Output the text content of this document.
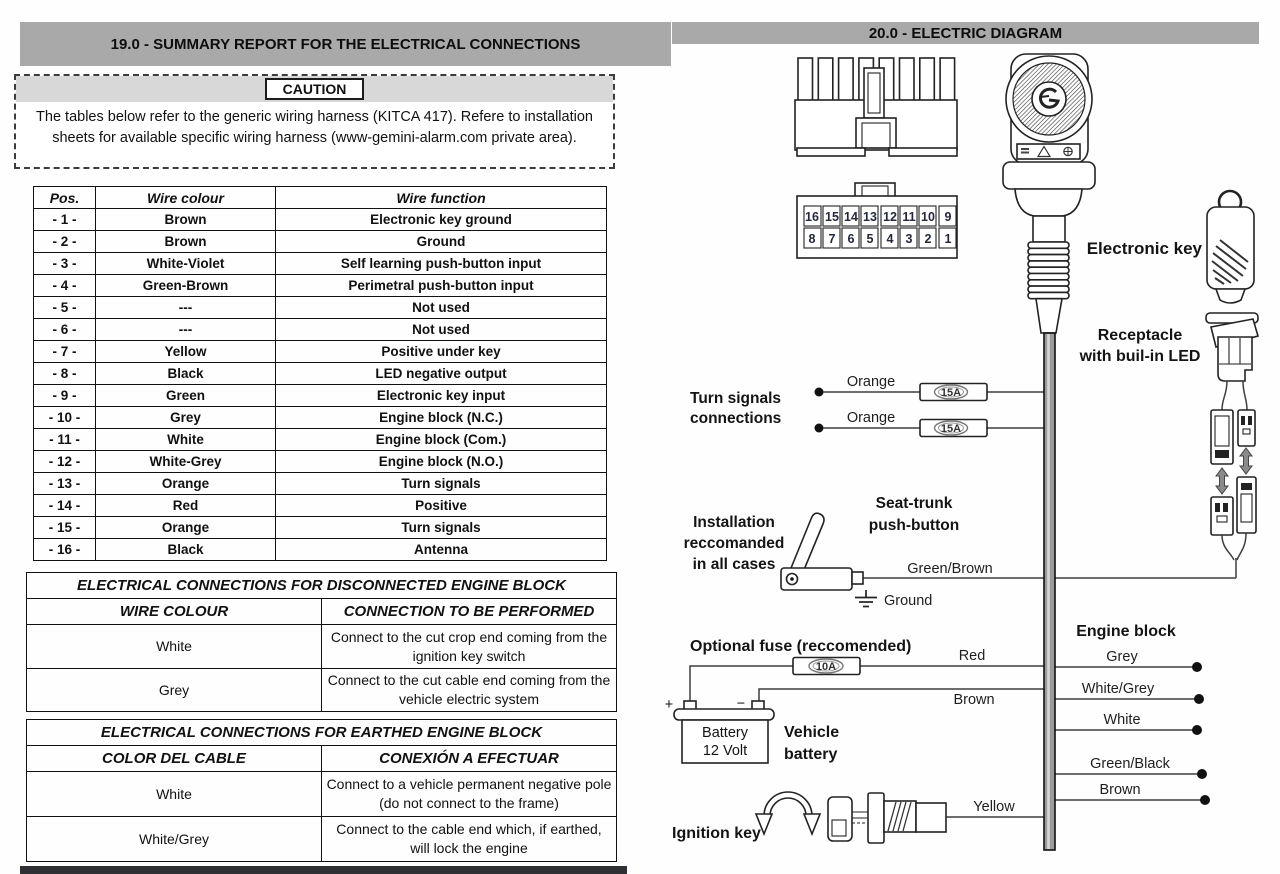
19.0 - SUMMARY REPORT FOR THE ELECTRICAL CONNECTIONS
CAUTION
The tables below refer to the generic wiring harness (KITCA 417). Refere to installation sheets for available specific wiring harness (www-gemini-alarm.com private area).
Pos.	Wire colour	Wire function
- 1 -	Brown	Electronic key ground
- 2 -	Brown	Ground
- 3 -	White-Violet	Self learning push-button input
- 4 -	Green-Brown	Perimetral push-button input
- 5 -	---	Not used
- 6 -	---	Not used
- 7 -	Yellow	Positive under key
- 8 -	Black	LED negative output
- 9 -	Green	Electronic key input
- 10 -	Grey	Engine block (N.C.)
- 11 -	White	Engine block (Com.)
- 12 -	White-Grey	Engine block (N.O.)
- 13 -	Orange	Turn signals
- 14 -	Red	Positive
- 15 -	Orange	Turn signals
- 16 -	Black	Antenna
ELECTRICAL CONNECTIONS FOR DISCONNECTED ENGINE BLOCK	
WIRE COLOUR	CONNECTION TO BE PERFORMED
White	Connect to the cut crop end coming from the ignition key switch
Grey	Connect to the cut cable end coming from the vehicle electric system
ELECTRICAL CONNECTIONS FOR EARTHED ENGINE BLOCK	
COLOR DEL CABLE	CONEXIÓN A EFECTUAR
White	Connect to a vehicle permanent negative pole (do not connect to the frame)
White/Grey	Connect to the cable end which, if earthed, will lock the engine
20.0 - ELECTRIC DIAGRAM
16 15 14 13 12 11 10 9
8 7 6 5 4 3 2 1
15A
15A
10A
+	−
Battery
12 Volt
Electronic key
Receptacle
with buil-in LED
Turn signals
connections
Orange
Orange
Installation
reccomanded
in all cases
Seat-trunk
push-button
Green/Brown
Ground
Optional fuse (reccomended)
Red
Brown
Vehicle
battery
Engine block
Grey
White/Grey
White
Green/Black
Brown
Ignition key
Yellow
